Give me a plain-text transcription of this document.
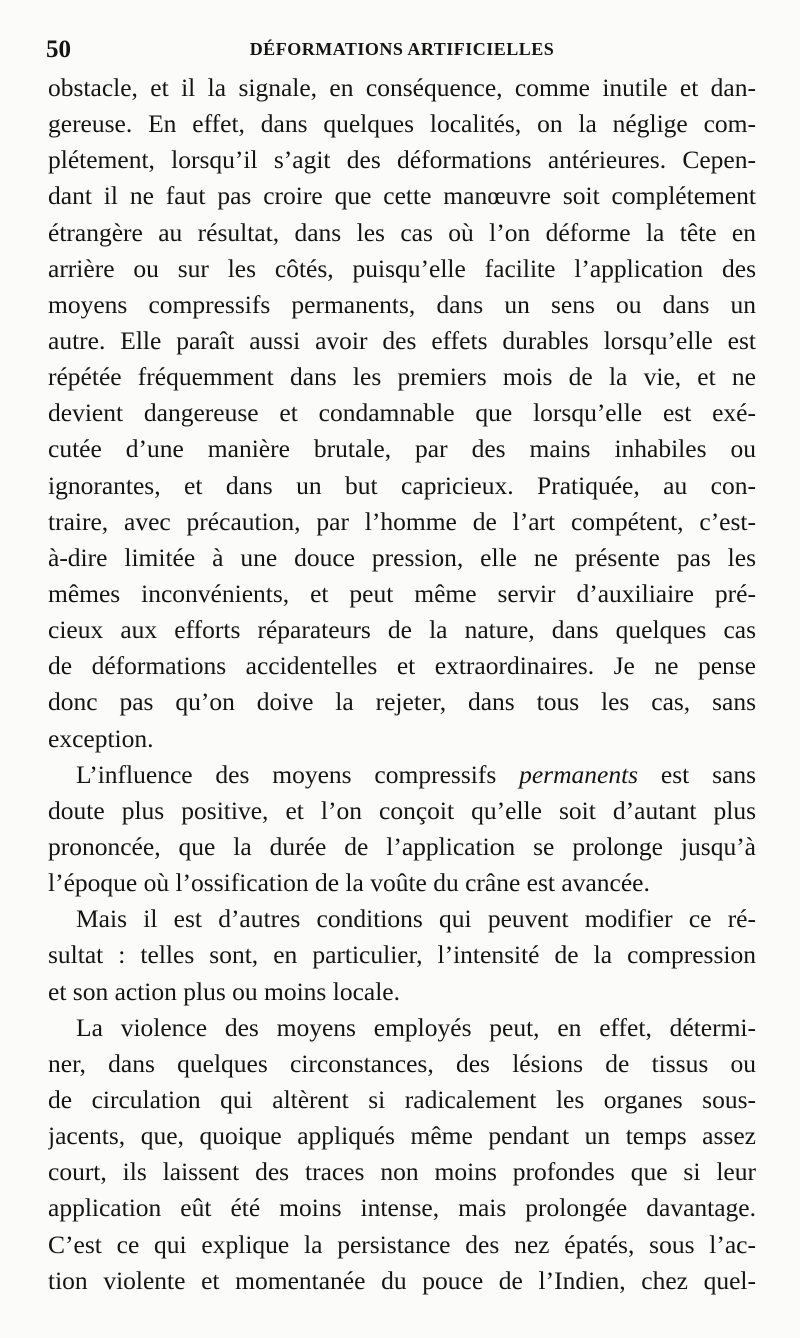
50	DÉFORMATIONS ARTIFICIELLES
obstacle, et il la signale, en conséquence, comme inutile et dan-
gereuse. En effet, dans quelques localités, on la néglige com-
plétement, lorsqu’il s’agit des déformations antérieures. Cepen-
dant il ne faut pas croire que cette manœuvre soit complétement
étrangère au résultat, dans les cas où l’on déforme la tête en
arrière ou sur les côtés, puisqu’elle facilite l’application des
moyens compressifs permanents, dans un sens ou dans un
autre. Elle paraît aussi avoir des effets durables lorsqu’elle est
répétée fréquemment dans les premiers mois de la vie, et ne
devient dangereuse et condamnable que lorsqu’elle est exé-
cutée d’une manière brutale, par des mains inhabiles ou
ignorantes, et dans un but capricieux. Pratiquée, au con-
traire, avec précaution, par l’homme de l’art compétent, c’est-
à-dire limitée à une douce pression, elle ne présente pas les
mêmes inconvénients, et peut même servir d’auxiliaire pré-
cieux aux efforts réparateurs de la nature, dans quelques cas
de déformations accidentelles et extraordinaires. Je ne pense
donc pas qu’on doive la rejeter, dans tous les cas, sans
exception.
L’influence des moyens compressifs permanents est sans
doute plus positive, et l’on conçoit qu’elle soit d’autant plus
prononcée, que la durée de l’application se prolonge jusqu’à
l’époque où l’ossification de la voûte du crâne est avancée.
Mais il est d’autres conditions qui peuvent modifier ce ré-
sultat : telles sont, en particulier, l’intensité de la compression
et son action plus ou moins locale.
La violence des moyens employés peut, en effet, détermi-
ner, dans quelques circonstances, des lésions de tissus ou
de circulation qui altèrent si radicalement les organes sous-
jacents, que, quoique appliqués même pendant un temps assez
court, ils laissent des traces non moins profondes que si leur
application eût été moins intense, mais prolongée davantage.
C’est ce qui explique la persistance des nez épatés, sous l’ac-
tion violente et momentanée du pouce de l’Indien, chez quel-
